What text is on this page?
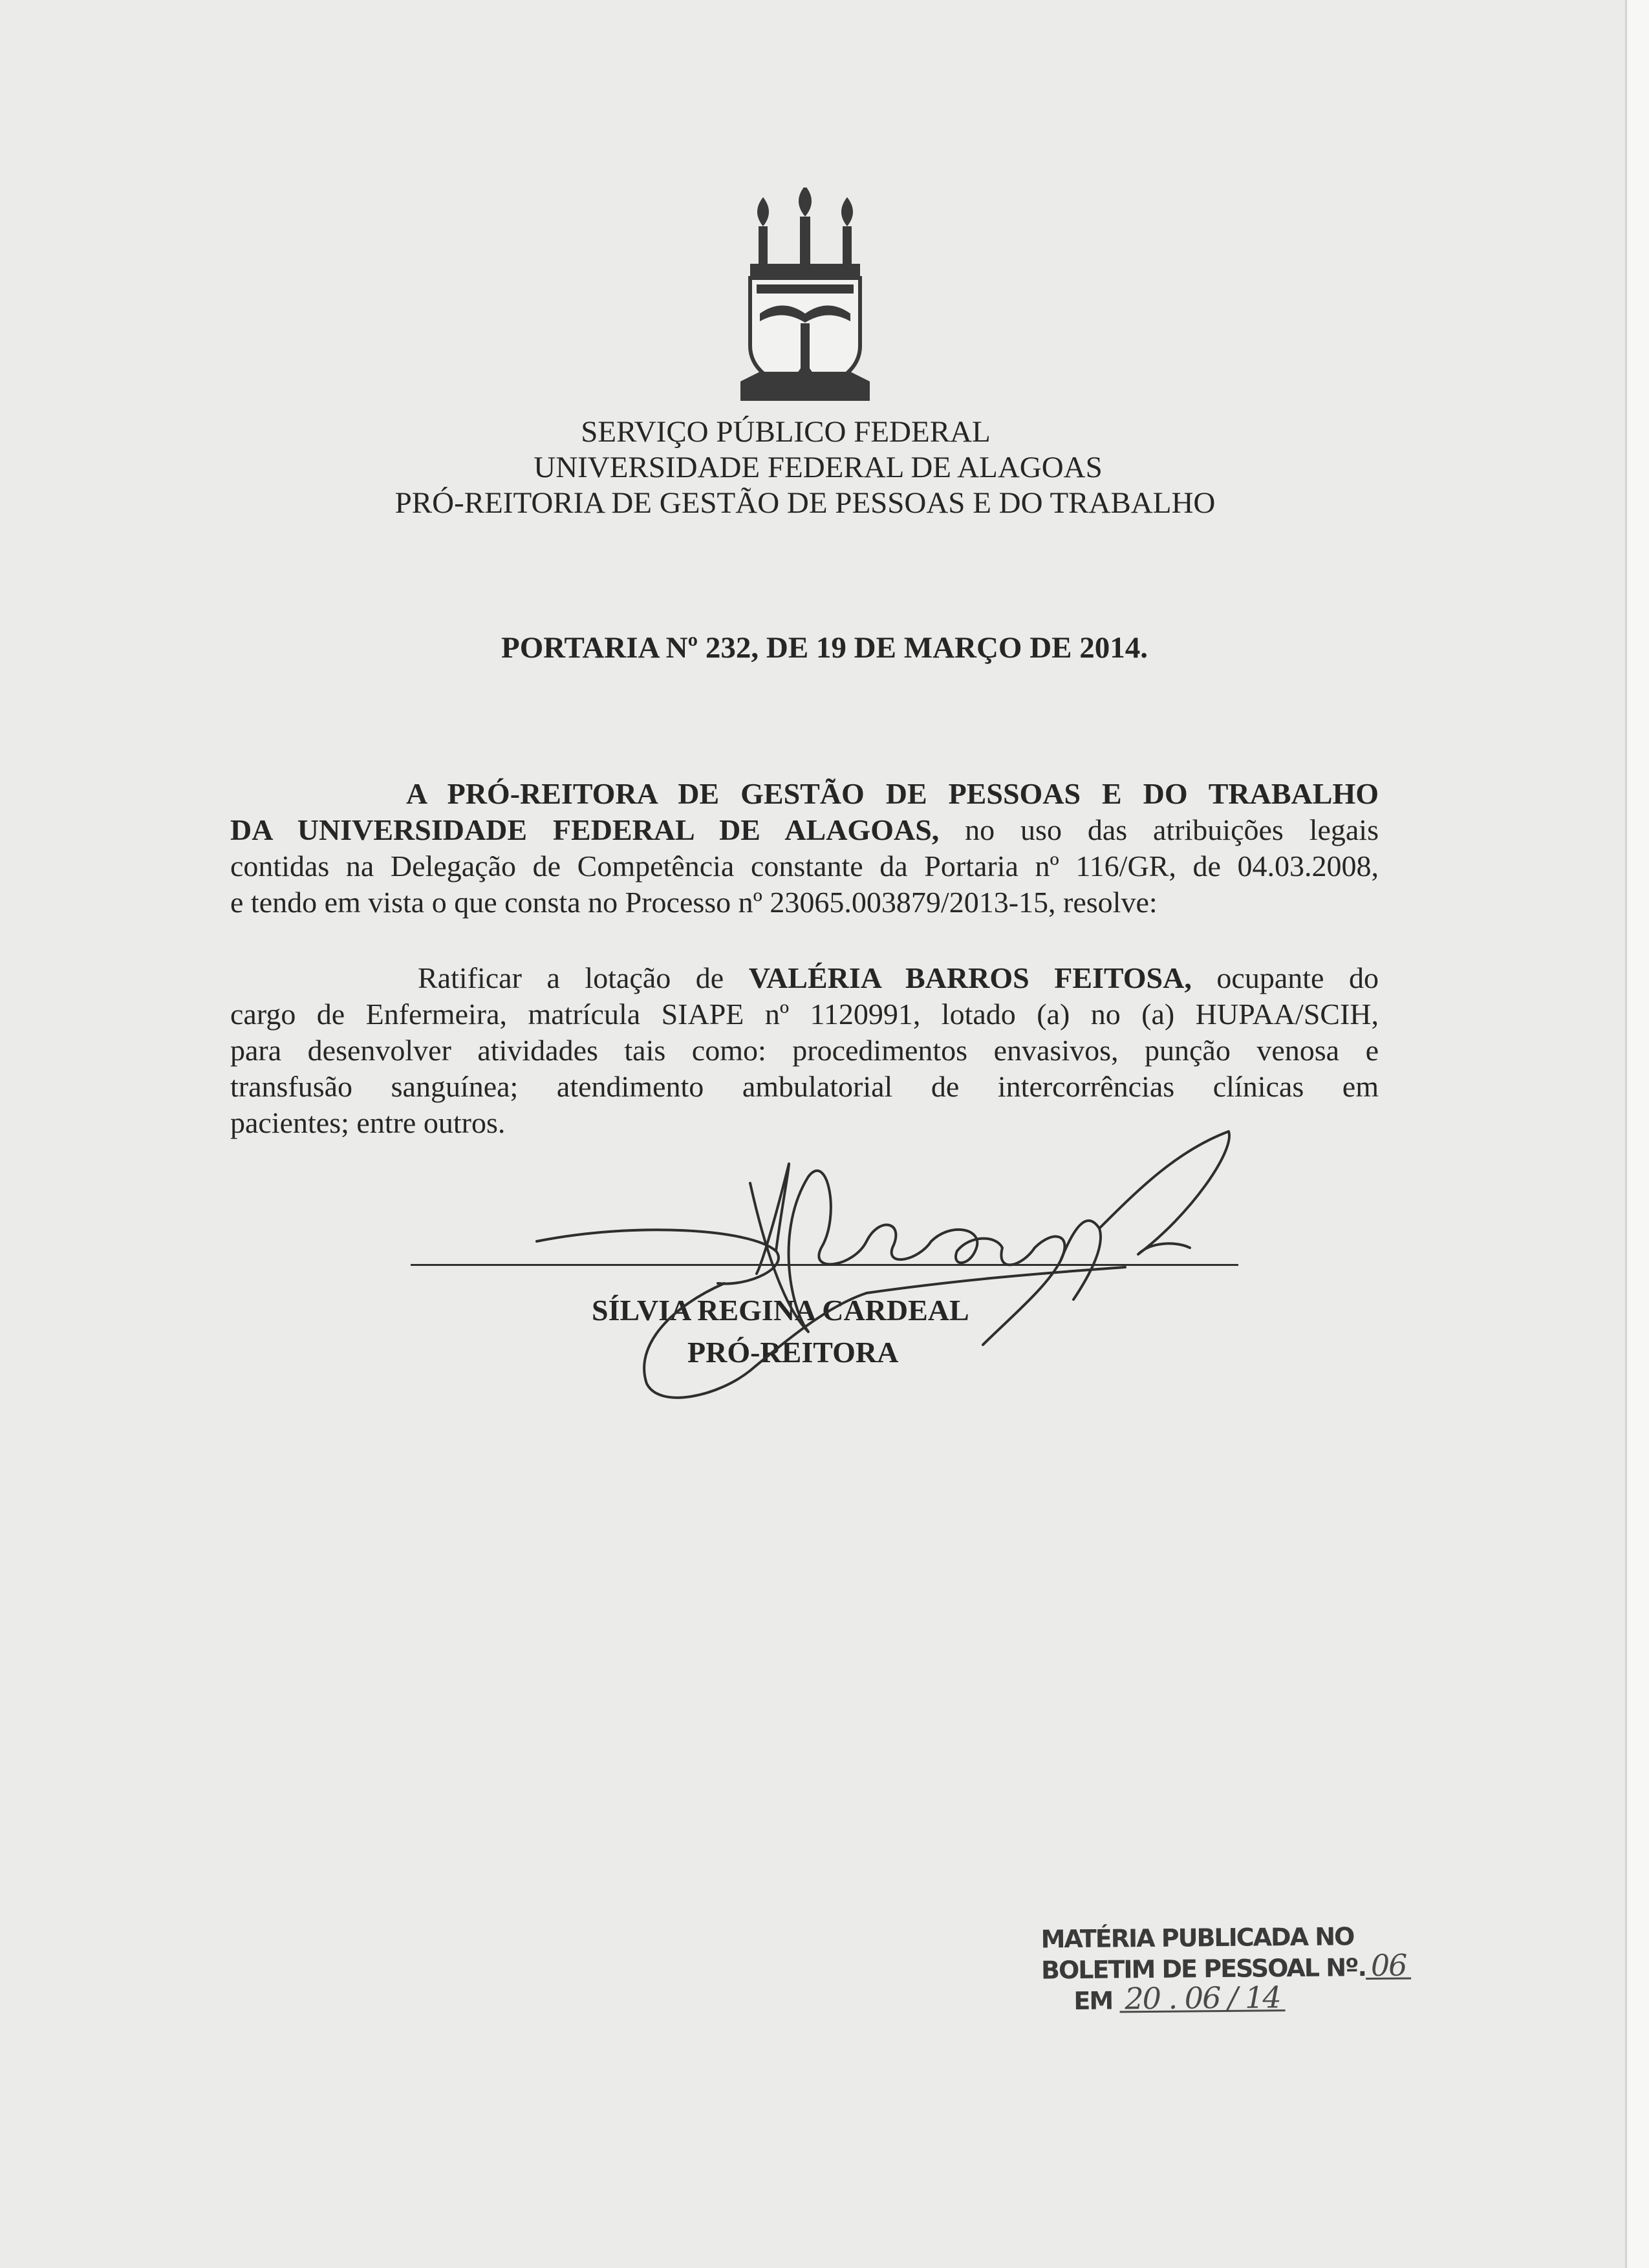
SERVIÇO PÚBLICO FEDERAL
UNIVERSIDADE FEDERAL DE ALAGOAS
PRÓ-REITORIA DE GESTÃO DE PESSOAS E DO TRABALHO
PORTARIA Nº 232, DE 19 DE MARÇO DE 2014.
A PRÓ-REITORA DE GESTÃO DE PESSOAS E DO TRABALHO
DA UNIVERSIDADE FEDERAL DE ALAGOAS, no uso das atribuições legais
contidas na Delegação de Competência constante da Portaria nº 116/GR, de 04.03.2008,
e tendo em vista o que consta no Processo nº 23065.003879/2013-15, resolve:
Ratificar a lotação de VALÉRIA BARROS FEITOSA, ocupante do
cargo de Enfermeira, matrícula SIAPE nº 1120991, lotado (a) no (a) HUPAA/SCIH,
para desenvolver atividades tais como: procedimentos envasivos, punção venosa e
transfusão sanguínea; atendimento ambulatorial de intercorrências clínicas em
pacientes; entre outros.
SÍLVIA REGINA CARDEAL
PRÓ-REITORA
MATÉRIA PUBLICADA NO
BOLETIM DE PESSOAL Nº. 06
EM 20 . 06 / 14
